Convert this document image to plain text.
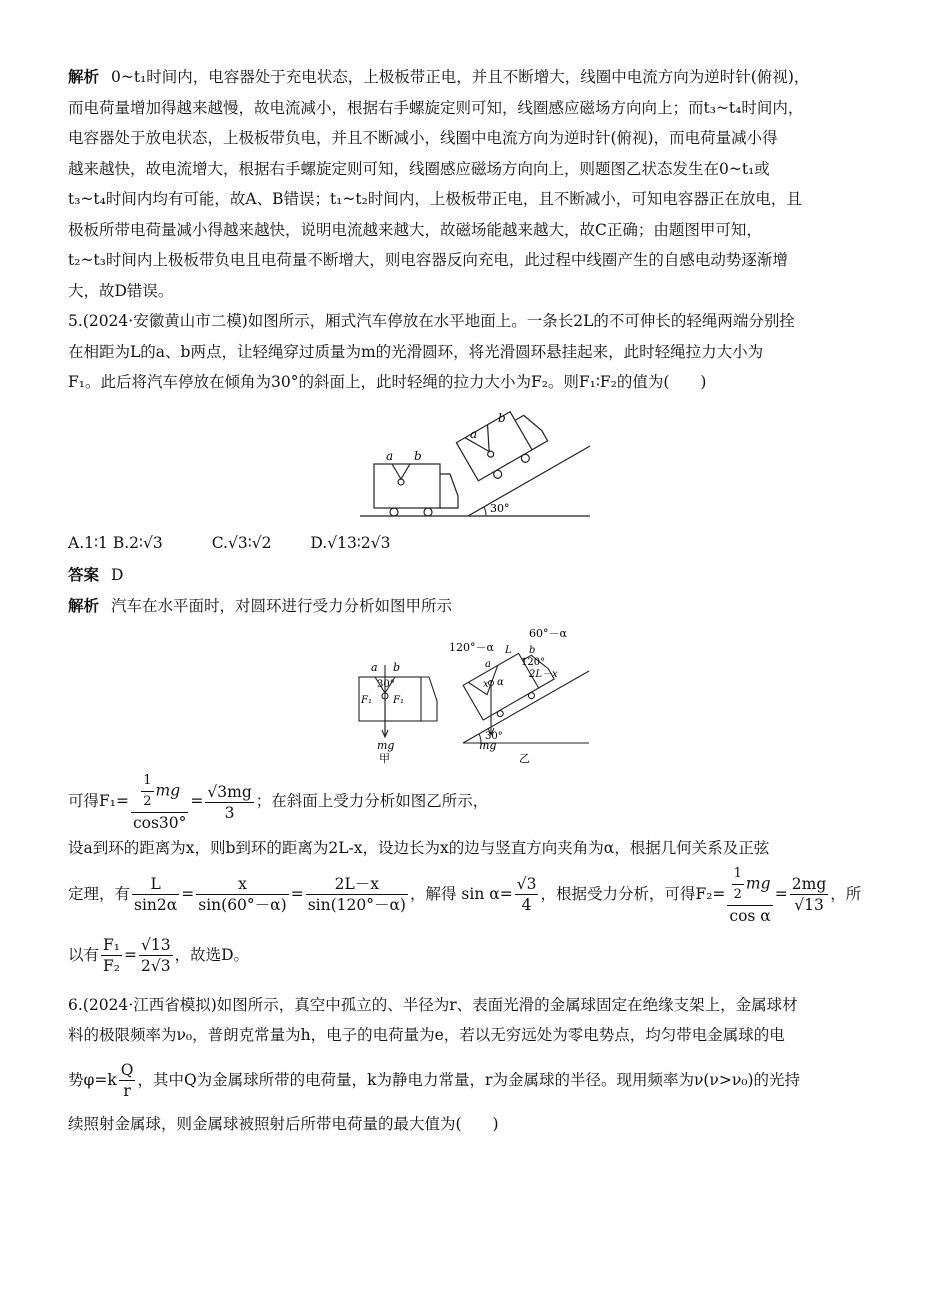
解析 0~t₁时间内，电容器处于充电状态，上极板带正电，并且不断增大，线圈中电流方向为逆时针(俯视)，

而电荷量增加得越来越慢，故电流减小，根据右手螺旋定则可知，线圈感应磁场方向向上；而t₃~t₄时间内，

电容器处于放电状态，上极板带负电，并且不断减小，线圈中电流方向为逆时针(俯视)，而电荷量减小得

越来越快，故电流增大，根据右手螺旋定则可知，线圈感应磁场方向向上，则题图乙状态发生在0~t₁或

t₃~t₄时间内均有可能，故A、B错误；t₁~t₂时间内，上极板带正电，且不断减小，可知电容器正在放电，且

极板所带电荷量减小得越来越快，说明电流越来越大，故磁场能越来越大，故C正确；由题图甲可知，

t₂~t₃时间内上极板带负电且电荷量不断增大，则电容器反向充电，此过程中线圈产生的自感电动势逐渐增

大，故D错误。

5.(2024·安徽黄山市二模)如图所示，厢式汽车停放在水平地面上。一条长2L的不可伸长的轻绳两端分别拴

在相距为L的a、b两点，让轻绳穿过质量为m的光滑圆环，将光滑圆环悬挂起来，此时轻绳拉力大小为

F₁。此后将汽车停放在倾角为30°的斜面上，此时轻绳的拉力大小为F₂。则F₁∶F₂的值为(　　)

a b
a
b
30°

A.1∶1 B.2∶√3	C.√3∶√2	D.√13∶2√3

答案 D

解析 汽车在水平面时，对圆环进行受力分析如图甲所示

a b
30°
F₁ F₁
mg
甲
60°－α
120°－α L b
a	120°
2L－x
x α
mg
30°
乙

可得$F_1= \frac{\frac{1}{2} mg}{\cos 30^\circ} = \frac{√3mg}{3}$ ；在斜面上受力分析如图乙所示，

设a到环的距离为x，则b到环的距离为2L-x，设边长为x的边与竖直方向夹角为α，根据几何关系及正弦

定理，有 $\frac{L}{\sin 2\alpha} = \frac{x}{\sin(60^\circ-\alpha)} = \frac{2L-x}{\sin(120^\circ-\alpha)}$ ，解得 $\sin \alpha= \frac{√3}{4}$ ，根据受力分析，可得$F_2= \frac{\frac{1}{2} mg}{\text{cos α}} = \frac{2mg}{√13}$ ，所

以有 $\frac{\text{F₁}}{\text{F₂}} = \frac{√13}{2√3}$ ，故选D。

6.(2024·江西省模拟)如图所示，真空中孤立的、半径为r、表面光滑的金属球固定在绝缘支架上，金属球材

料的极限频率为ν₀，普朗克常量为h，电子的电荷量为e，若以无穷远处为零电势点，均匀带电金属球的电

势$\varphi=k \frac{Q}{r}$ ，其中Q为金属球所带的电荷量，k为静电力常量，r为金属球的半径。现用频率为ν(ν>ν₀)的光持

续照射金属球，则金属球被照射后所带电荷量的最大值为(　　)
